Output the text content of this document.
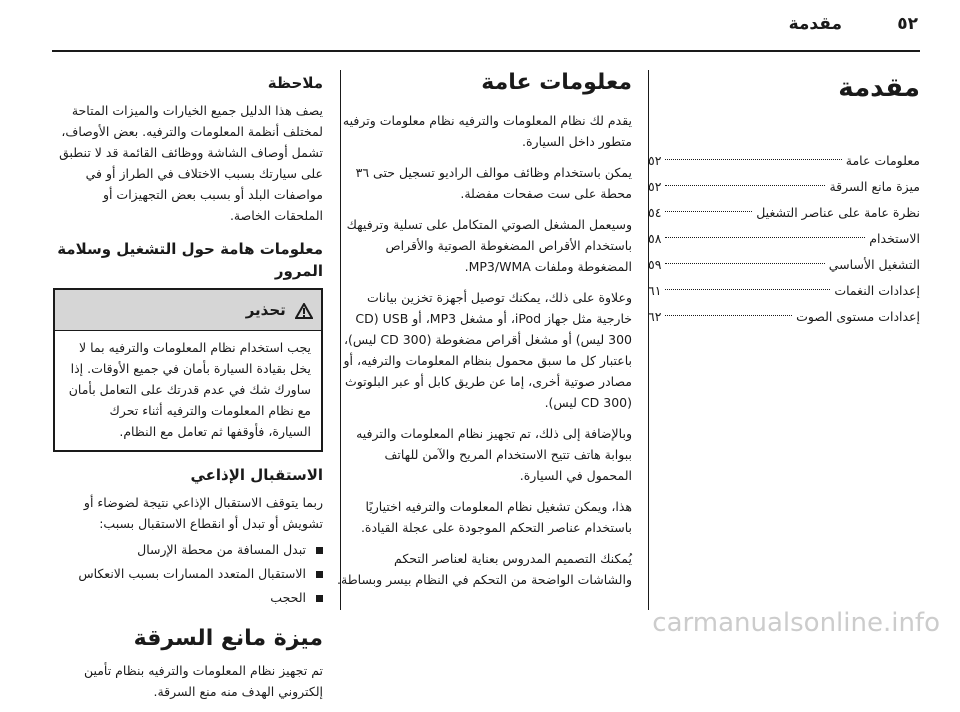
٥٢
مقدمة
مقدمة
معلومات عامة
٥٢
ميزة مانع السرقة
٥٢
نظرة عامة على عناصر التشغيل
٥٤
الاستخدام
٥٨
التشغيل الأساسي
٥٩
إعدادات النغمات
٦١
إعدادات مستوى الصوت
٦٢
معلومات عامة

يقدم لك نظام المعلومات والترفيه نظام معلومات وترفيه متطور داخل السيارة.

يمكن باستخدام وظائف موالف الراديو تسجيل حتى ٣٦ محطة على ست صفحات مفضلة.

وسيعمل المشغل الصوتي المتكامل على تسلية وترفيهك باستخدام الأقراص المضغوطة الصوتية والأقراص المضغوطة وملفات MP3/WMA.

وعلاوة على ذلك، يمكنك توصيل أجهزة تخزين بيانات خارجية مثل جهاز iPod، أو مشغل MP3، أو USB (CD 300 ليس) أو مشغل أقراص مضغوطة (CD 300 ليس)، باعتبار كل ما سبق محمول بنظام المعلومات والترفيه، أو مصادر صوتية أخرى، إما عن طريق كابل أو عبر البلوتوث (CD 300 ليس).

وبالإضافة إلى ذلك، تم تجهيز نظام المعلومات والترفيه ببوابة هاتف تتيح الاستخدام المريح والآمن للهاتف المحمول في السيارة.

هذا، ويمكن تشغيل نظام المعلومات والترفيه اختياريًا باستخدام عناصر التحكم الموجودة على عجلة القيادة.

يُمكنك التصميم المدروس بعناية لعناصر التحكم والشاشات الواضحة من التحكم في النظام بيسر وبساطة.

ملاحظة

يصف هذا الدليل جميع الخيارات والميزات المتاحة لمختلف أنظمة المعلومات والترفيه. بعض الأوصاف، تشمل أوصاف الشاشة ووظائف القائمة قد لا تنطبق على سيارتك بسبب الاختلاف في الطراز أو في مواصفات البلد أو بسبب بعض التجهيزات أو الملحقات الخاصة.

معلومات هامة حول التشغيل وسلامة المرور
تحذير

يجب استخدام نظام المعلومات والترفيه بما لا يخل بقيادة السيارة بأمان في جميع الأوقات. إذا ساورك شك في عدم قدرتك على التعامل بأمان مع نظام المعلومات والترفيه أثناء تحرك السيارة، فأوقفها ثم تعامل مع النظام.

الاستقبال الإذاعي

ربما يتوقف الاستقبال الإذاعي نتيجة لضوضاء أو تشويش أو تبدل أو انقطاع الاستقبال بسبب:

تبدل المسافة من محطة الإرسال
الاستقبال المتعدد المسارات بسبب الانعكاس
الحجب
ميزة مانع السرقة

تم تجهيز نظام المعلومات والترفيه بنظام تأمين إلكتروني الهدف منه منع السرقة.

carmanualsonline.info
